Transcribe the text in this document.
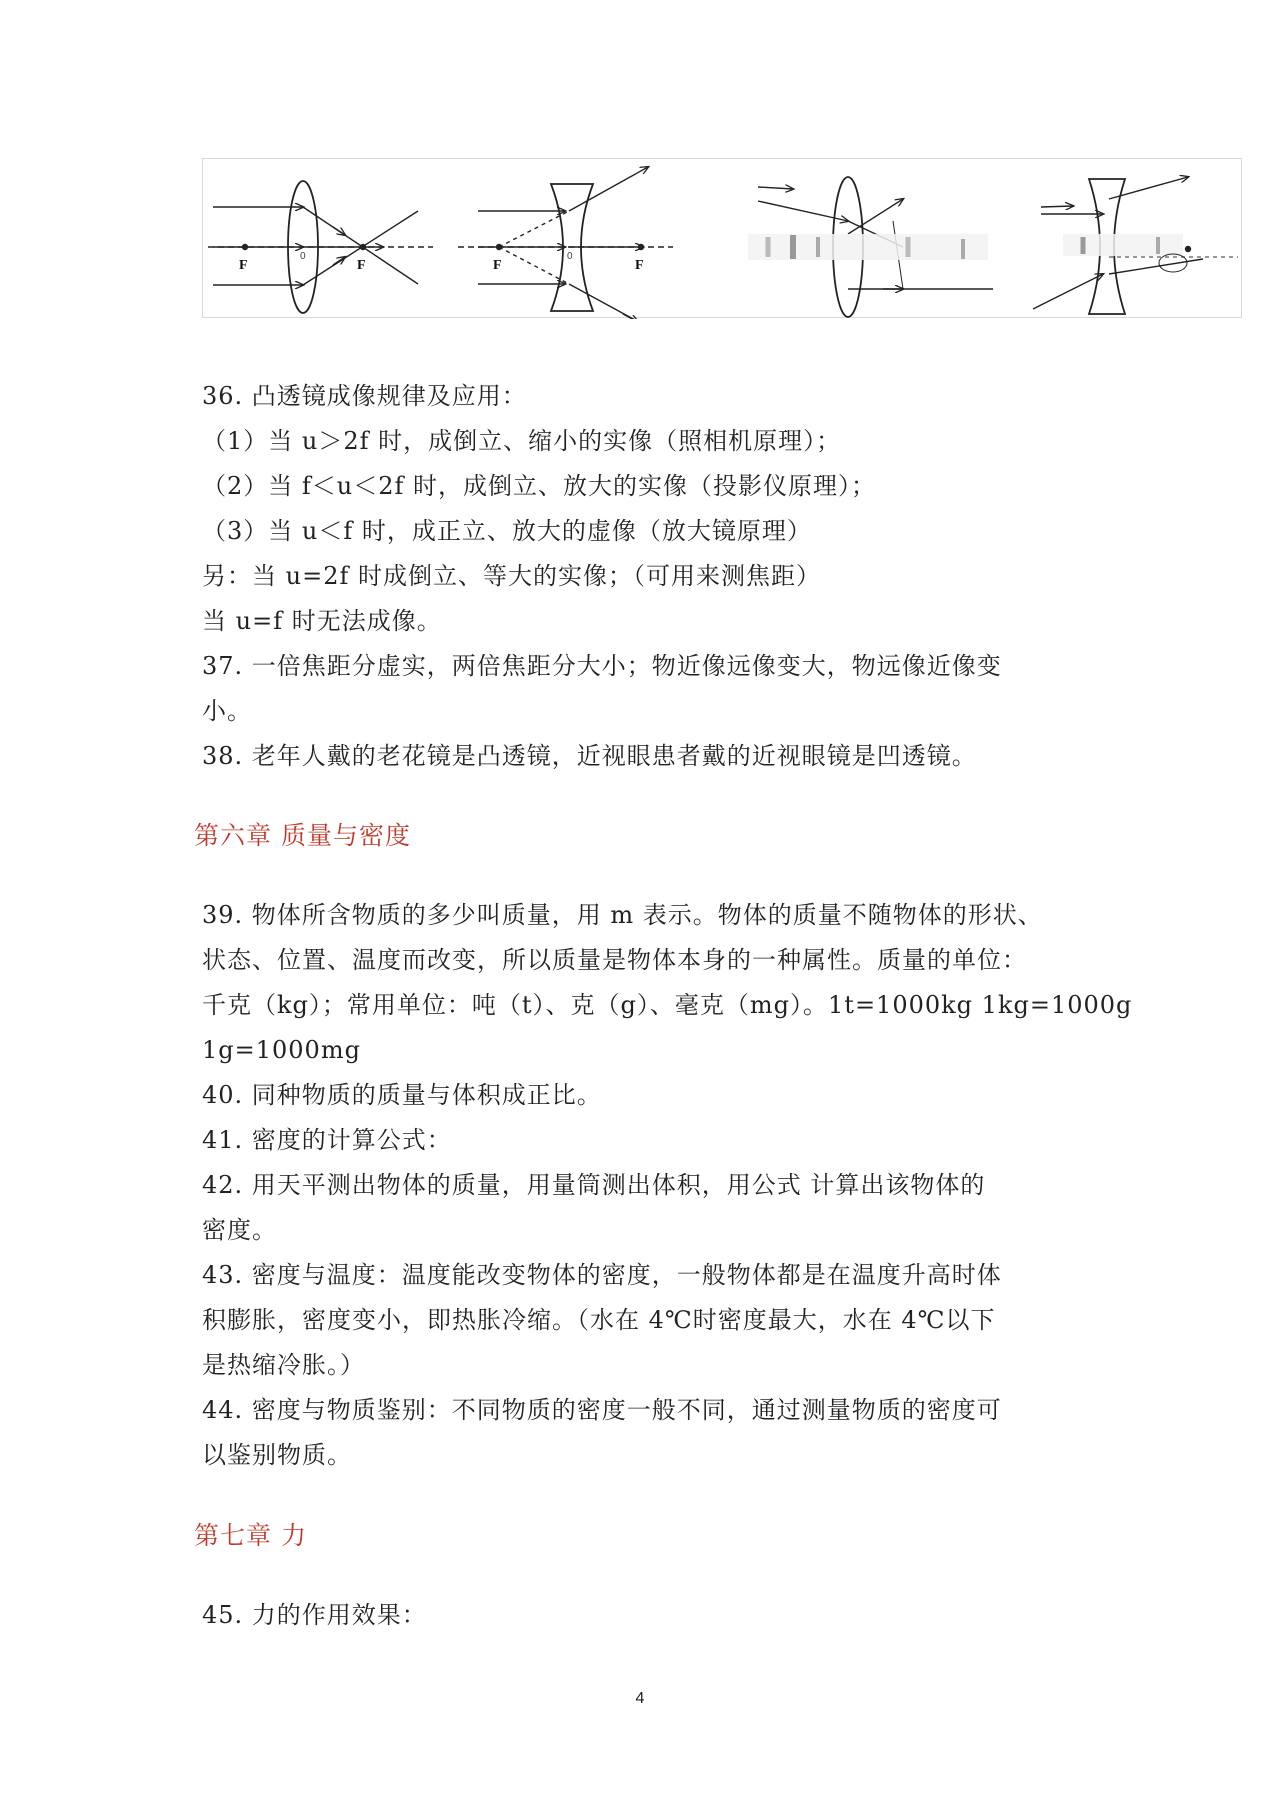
F	F
0
F	F
0
36. 凸透镜成像规律及应用：
（1）当 u＞2f 时，成倒立、缩小的实像（照相机原理）；
（2）当 f＜u＜2f 时，成倒立、放大的实像（投影仪原理）；
（3）当 u＜f 时，成正立、放大的虚像（放大镜原理）
另：当 u=2f 时成倒立、等大的实像；（可用来测焦距）
当 u=f 时无法成像。
37. 一倍焦距分虚实，两倍焦距分大小；物近像远像变大，物远像近像变
小。
38. 老年人戴的老花镜是凸透镜，近视眼患者戴的近视眼镜是凹透镜。
第六章 质量与密度
39. 物体所含物质的多少叫质量，用 m 表示。物体的质量不随物体的形状、
状态、位置、温度而改变，所以质量是物体本身的一种属性。质量的单位：
千克（kg）；常用单位：吨（t）、克（g）、毫克（mg）。1t=1000kg 1kg=1000g
1g=1000mg
40. 同种物质的质量与体积成正比。
41. 密度的计算公式：
42. 用天平测出物体的质量，用量筒测出体积，用公式 计算出该物体的
密度。
43. 密度与温度：温度能改变物体的密度，一般物体都是在温度升高时体
积膨胀，密度变小，即热胀冷缩。（水在 4℃时密度最大，水在 4℃以下
是热缩冷胀。）
44. 密度与物质鉴别：不同物质的密度一般不同，通过测量物质的密度可
以鉴别物质。
第七章 力
45. 力的作用效果：
4
